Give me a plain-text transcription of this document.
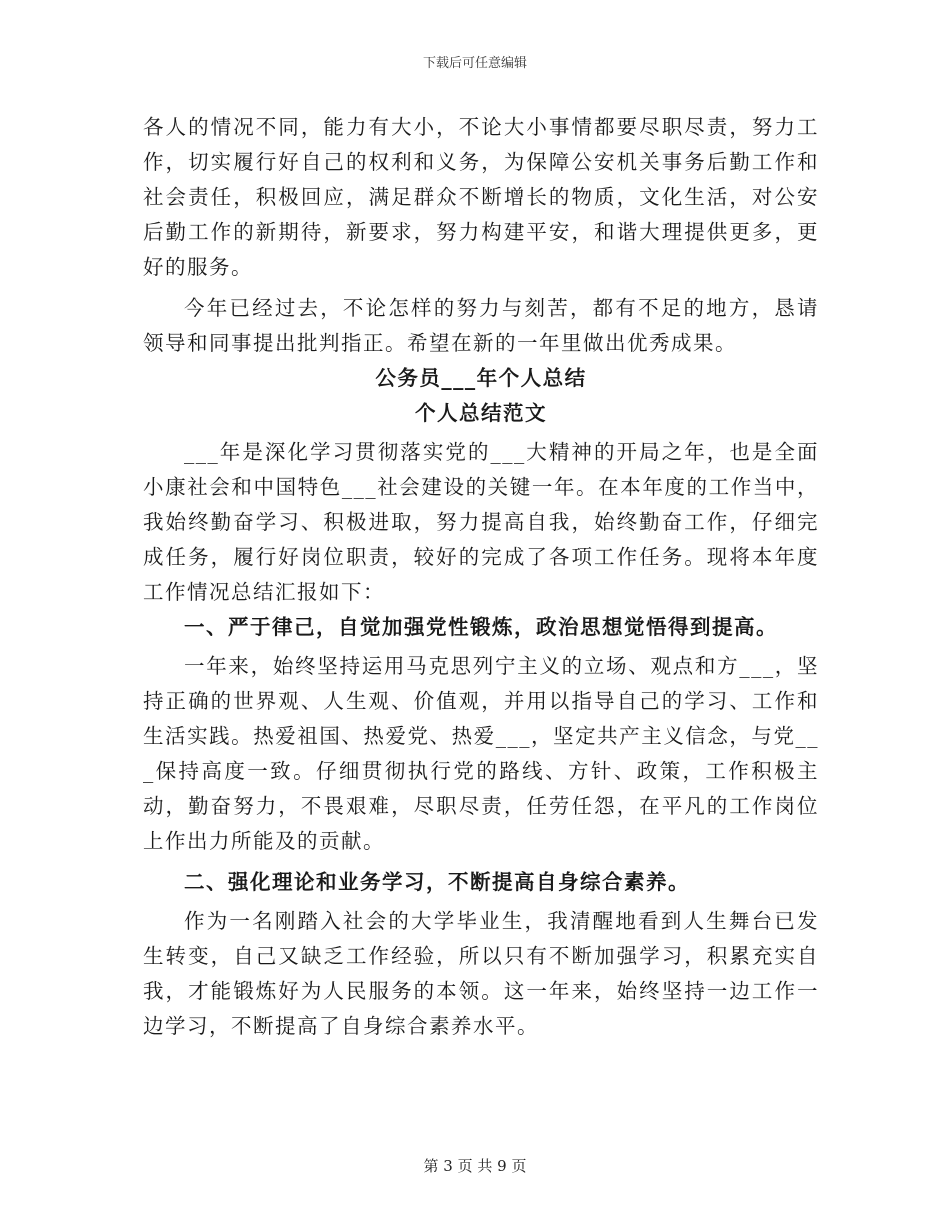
下载后可任意编辑

各人的情况不同，能力有大小，不论大小事情都要尽职尽责，努力工作，切实履行好自己的权利和义务，为保障公安机关事务后勤工作和社会责任，积极回应，满足群众不断增长的物质，文化生活，对公安后勤工作的新期待，新要求，努力构建平安，和谐大理提供更多，更好的服务。

今年已经过去，不论怎样的努力与刻苦，都有不足的地方，恳请领导和同事提出批判指正。希望在新的一年里做出优秀成果。

公务员___年个人总结

个人总结范文

___年是深化学习贯彻落实党的___大精神的开局之年，也是全面小康社会和中国特色___社会建设的关键一年。在本年度的工作当中，我始终勤奋学习、积极进取，努力提高自我，始终勤奋工作，仔细完成任务，履行好岗位职责，较好的完成了各项工作任务。现将本年度工作情况总结汇报如下：

一、严于律己，自觉加强党性锻炼，政治思想觉悟得到提高。

一年来，始终坚持运用马克思列宁主义的立场、观点和方___，坚持正确的世界观、人生观、价值观，并用以指导自己的学习、工作和生活实践。热爱祖国、热爱党、热爱___，坚定共产主义信念，与党___保持高度一致。仔细贯彻执行党的路线、方针、政策，工作积极主动，勤奋努力，不畏艰难，尽职尽责，任劳任怨，在平凡的工作岗位上作出力所能及的贡献。

二、强化理论和业务学习，不断提高自身综合素养。

作为一名刚踏入社会的大学毕业生，我清醒地看到人生舞台已发生转变，自己又缺乏工作经验，所以只有不断加强学习，积累充实自我，才能锻炼好为人民服务的本领。这一年来，始终坚持一边工作一边学习，不断提高了自身综合素养水平。

第 3 页 共 9 页
